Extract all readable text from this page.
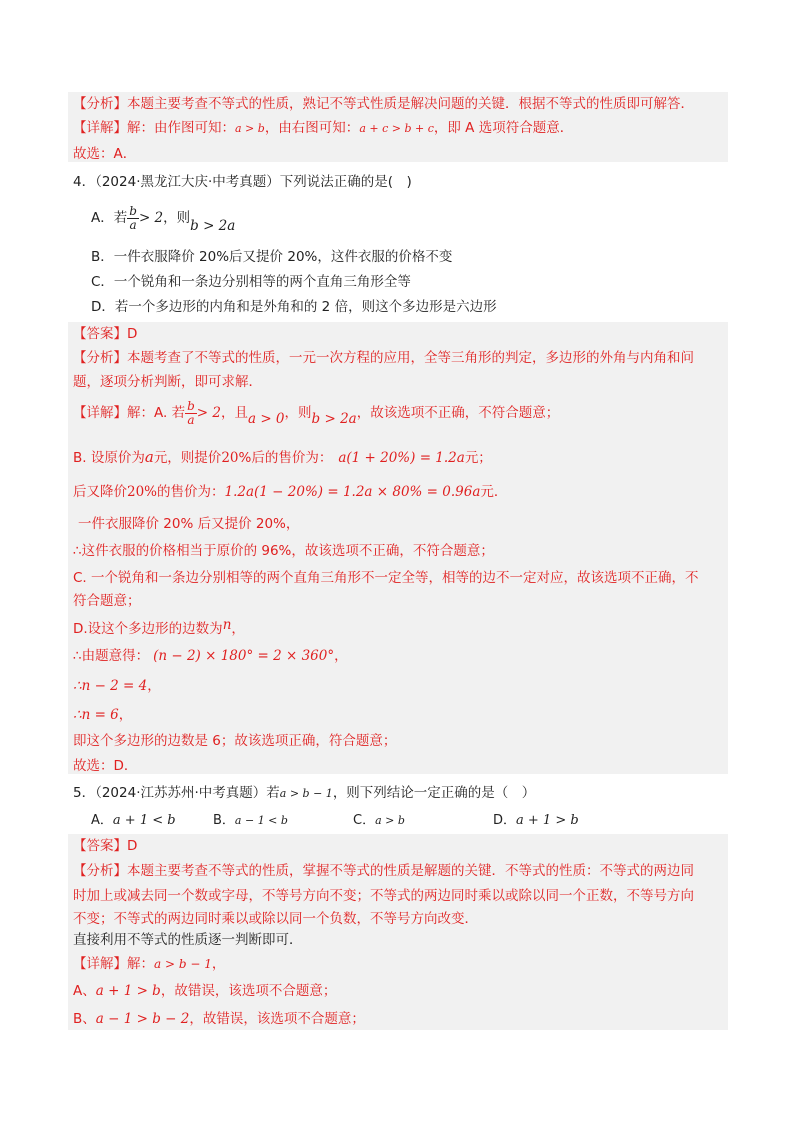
【分析】本题主要考查不等式的性质，熟记不等式性质是解决问题的关键．根据不等式的性质即可解答．
【详解】解：由作图可知：a > b，由右图可知：a + c > b + c，即 A 选项符合题意．
故选：A．
4．（2024·黑龙江大庆·中考真题）下列说法正确的是(　)
A．若 $\frac{b}{a} > 2$，则b > 2a
B．一件衣服降价 20%后又提价 20%，这件衣服的价格不变
C．一个锐角和一条边分别相等的两个直角三角形全等
D．若一个多边形的内角和是外角和的 2 倍，则这个多边形是六边形
【答案】D
【分析】本题考查了不等式的性质，一元一次方程的应用，全等三角形的判定，多边形的外角与内角和问
题，逐项分析判断，即可求解．
【详解】解：A. 若 $\frac{b}{a} > 2$，且a > 0，则b > 2a，故该选项不正确，不符合题意；
B. 设原价为a元，则提价20%后的售价为： a(1 + 20%) = 1.2a元；
后又降价20%的售价为：1.2a(1 − 20%) = 1.2a × 80% = 0.96a元．
一件衣服降价 20% 后又提价 20%，
∴这件衣服的价格相当于原价的 96%，故该选项不正确，不符合题意；
C. 一个锐角和一条边分别相等的两个直角三角形不一定全等，相等的边不一定对应，故该选项不正确，不
符合题意；
D.设这个多边形的边数为n，
∴由题意得： (n − 2) × 180° = 2 × 360°，
∴n − 2 = 4，
∴n = 6，
即这个多边形的边数是 6；故该选项正确，符合题意；
故选：D．
5．（2024·江苏苏州·中考真题）若a > b − 1，则下列结论一定正确的是（　）
A．a + 1 < b	B．a − 1 < b	C．a > b	D．a + 1 > b
【答案】D
【分析】本题主要考查不等式的性质，掌握不等式的性质是解题的关键．不等式的性质：不等式的两边同
时加上或减去同一个数或字母，不等号方向不变；不等式的两边同时乘以或除以同一个正数，不等号方向
不变；不等式的两边同时乘以或除以同一个负数，不等号方向改变．
直接利用不等式的性质逐一判断即可．
【详解】解：a > b − 1，
A、a + 1 > b，故错误，该选项不合题意；
B、a − 1 > b − 2，故错误，该选项不合题意；
